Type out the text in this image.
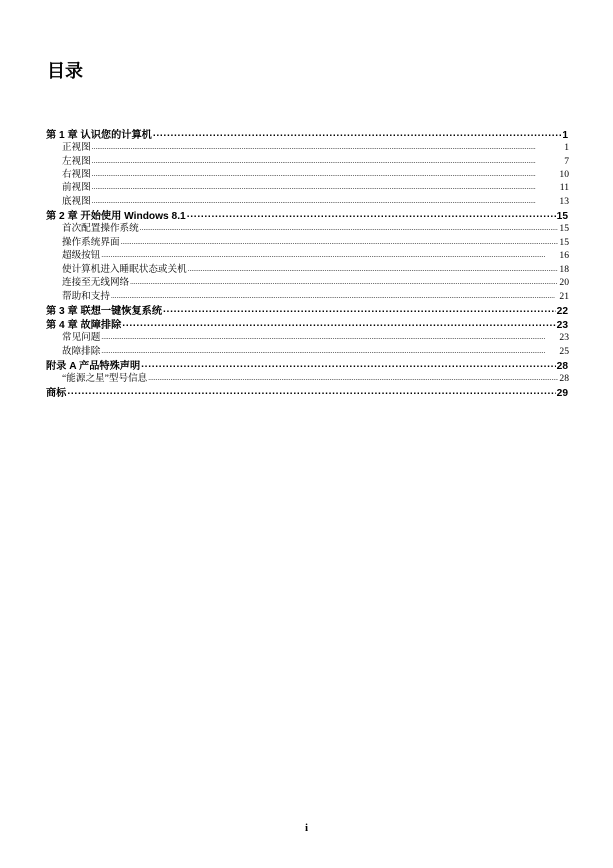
目录
第 1 章 认识您的计算机 .....	1
正视图 .....	1
左视图 .....	7
右视图 .....	10
前视图 .....	11
底视图 .....	13
第 2 章 开始使用 Windows 8.1 .....	15
首次配置操作系统 .....	15
操作系统界面 .....	15
超级按钮 .....	16
使计算机进入睡眠状态或关机 .....	18
连接至无线网络 .....	20
帮助和支持 .....	21
第 3 章 联想一键恢复系统 .....	22
第 4 章 故障排除 .....	23
常见问题 .....	23
故障排除 .....	25
附录 A 产品特殊声明 .....	28
“能源之星”型号信息 .....	28
商标 .....	29
i
